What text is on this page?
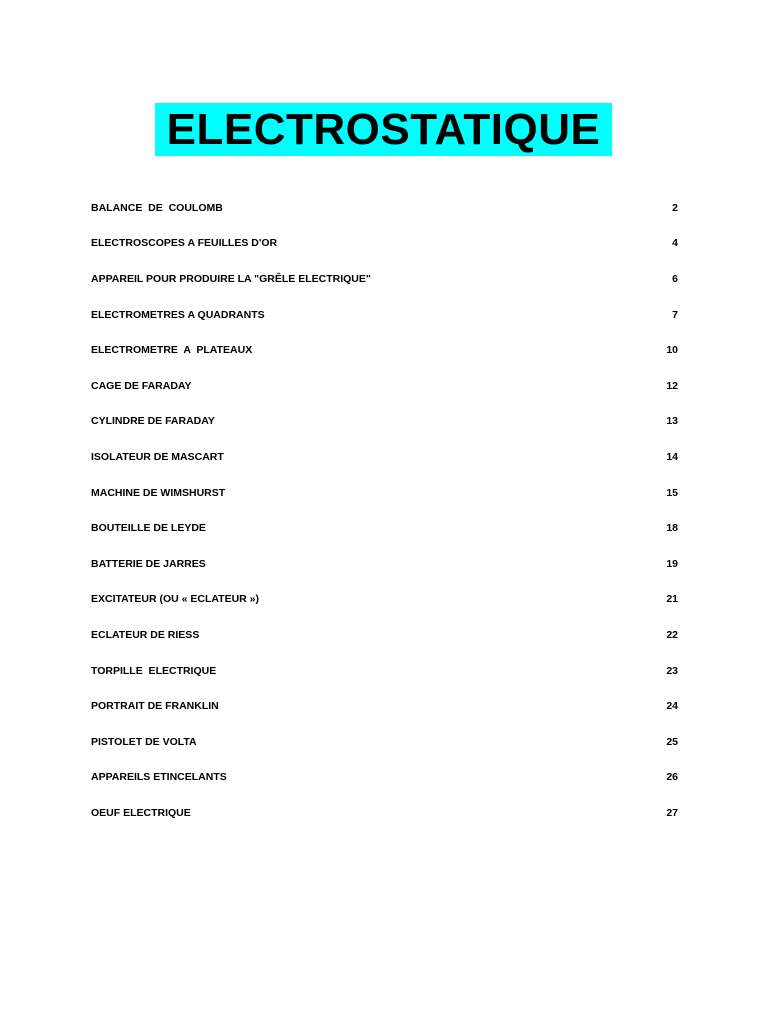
ELECTROSTATIQUE
BALANCE  DE  COULOMB	2
ELECTROSCOPES A FEUILLES D'OR	4
APPAREIL POUR PRODUIRE LA "GRÊLE ELECTRIQUE"	6
ELECTROMETRES A QUADRANTS	7
ELECTROMETRE  A  PLATEAUX	10
CAGE DE FARADAY	12
CYLINDRE DE FARADAY	13
ISOLATEUR DE MASCART	14
MACHINE DE WIMSHURST	15
BOUTEILLE DE LEYDE	18
BATTERIE DE JARRES	19
EXCITATEUR (OU « ECLATEUR »)	21
ECLATEUR DE RIESS	22
TORPILLE  ELECTRIQUE	23
PORTRAIT DE FRANKLIN	24
PISTOLET DE VOLTA	25
APPAREILS ETINCELANTS	26
OEUF ELECTRIQUE	27
